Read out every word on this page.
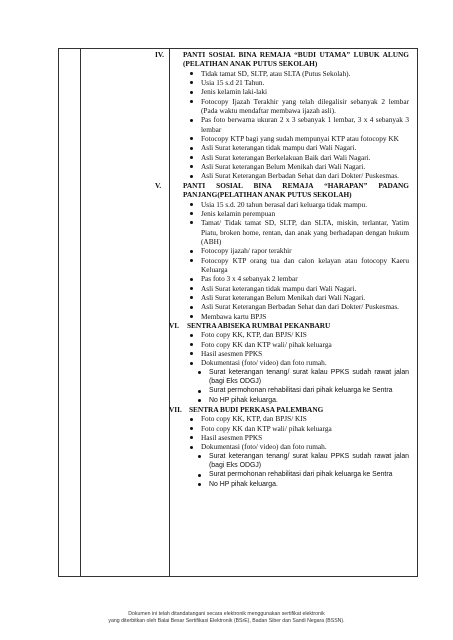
IV.	PANTI SOSIAL BINA REMAJA “BUDI UTAMA” LUBUK ALUNG (PELATIHAN ANAK PUTUS SEKOLAH)

Tidak tamat SD, SLTP, atau SLTA (Putus Sekolah).
Usia 15 s.d 21 Tahun.
Jenis kelamin laki-laki
Fotocopy Ijazah Terakhir yang telah dilegalisir sebanyak 2 lembar (Pada waktu mendaftar membawa ijazah asli).
Pas foto berwarna ukuran 2 x 3 sebanyak 1 lembar, 3 x 4 sebanyak 3 lembar
Fotocopy KTP bagi yang sudah mempunyai KTP atau fotocopy KK
Asli Surat keterangan tidak mampu dari Wali Nagari.
Asli Surat keterangan Berkelakuan Baik dari Wali Nagari.
Asli Surat keterangan Belum Menikah dari Wali Nagari.
Asli Surat Keterangan Berbadan Sehat dan dari Dokter/ Puskesmas.

V.	PANTI SOSIAL BINA REMAJA “HARAPAN” PADANG PANJANG(PELATIHAN ANAK PUTUS SEKOLAH)

Usia 15 s.d. 20 tahun berasal dari keluarga tidak mampu.
Jenis kelamin perempuan
Tamat/ Tidak tamat SD, SLTP, dan SLTA, miskin, terlantar, Yatim Piatu, broken home, rentan, dan anak yang berhadapan dengan hukum (ABH)
Fotocopy ijazah/ rapor terakhir
Fotocopy KTP orang tua dan calon kelayan atau fotocopy Kaeru Keluarga
Pas foto 3 x 4 sebanyak 2 lembar
Asli Surat keterangan tidak mampu dari Wali Nagari.
Asli Surat keterangan Belum Menikah dari Wali Nagari.
Asli Surat Keterangan Berbadan Sehat dan dari Dokter/ Puskesmas.
Membawa kartu BPJS

VI. SENTRA ABISEKA RUMBAI PEKANBARU

Foto copy KK, KTP, dan BPJS/ KIS
Foto copy KK dan KTP wali/ pihak keluarga
Hasil asesmen PPKS
Dokumentasi (foto/ video) dan foto rumah.
Surat keterangan tenang/ surat kalau PPKS sudah rawat jalan (bagi Eks ODGJ)
Surat permohonan rehabilitasi dari pihak keluarga ke Sentra
No HP pihak keluarga.

VII. SENTRA BUDI PERKASA PALEMBANG

Foto copy KK, KTP, dan BPJS/ KIS
Foto copy KK dan KTP wali/ pihak keluarga
Hasil asesmen PPKS
Dokumentasi (foto/ video) dan foto rumah.
Surat keterangan tenang/ surat kalau PPKS sudah rawat jalan (bagi Eks ODGJ)
Surat permohonan rehabilitasi dari pihak keluarga ke Sentra
No HP pihak keluarga.
Dokumen ini telah ditandatangani secara elektronik menggunakan sertifikat elektronik
yang diterbitkan oleh Balai Besar Sertifikasi Elektronik (BSrE), Badan Siber dan Sandi Negara (BSSN).
